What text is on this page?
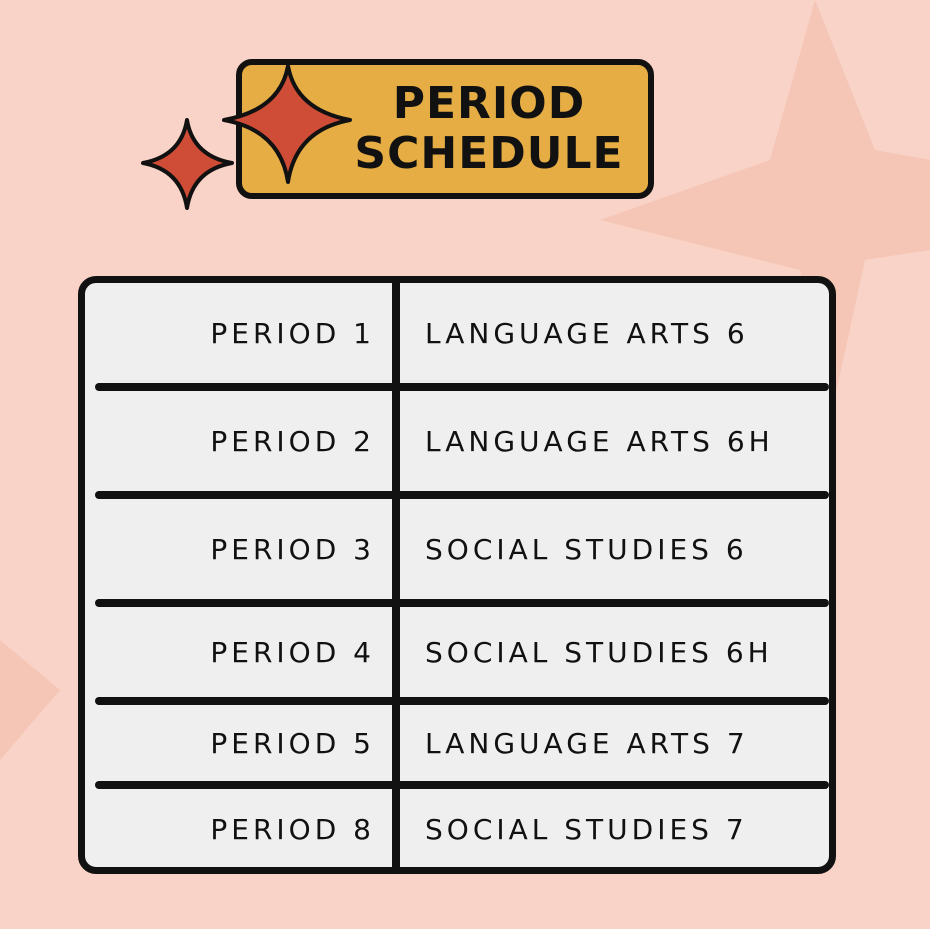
PERIOD
SCHEDULE
PERIOD 1 LANGUAGE ARTS 6
PERIOD 2 LANGUAGE ARTS 6H
PERIOD 3 SOCIAL STUDIES 6
PERIOD 4 SOCIAL STUDIES 6H
PERIOD 5 LANGUAGE ARTS 7
PERIOD 8 SOCIAL STUDIES 7
